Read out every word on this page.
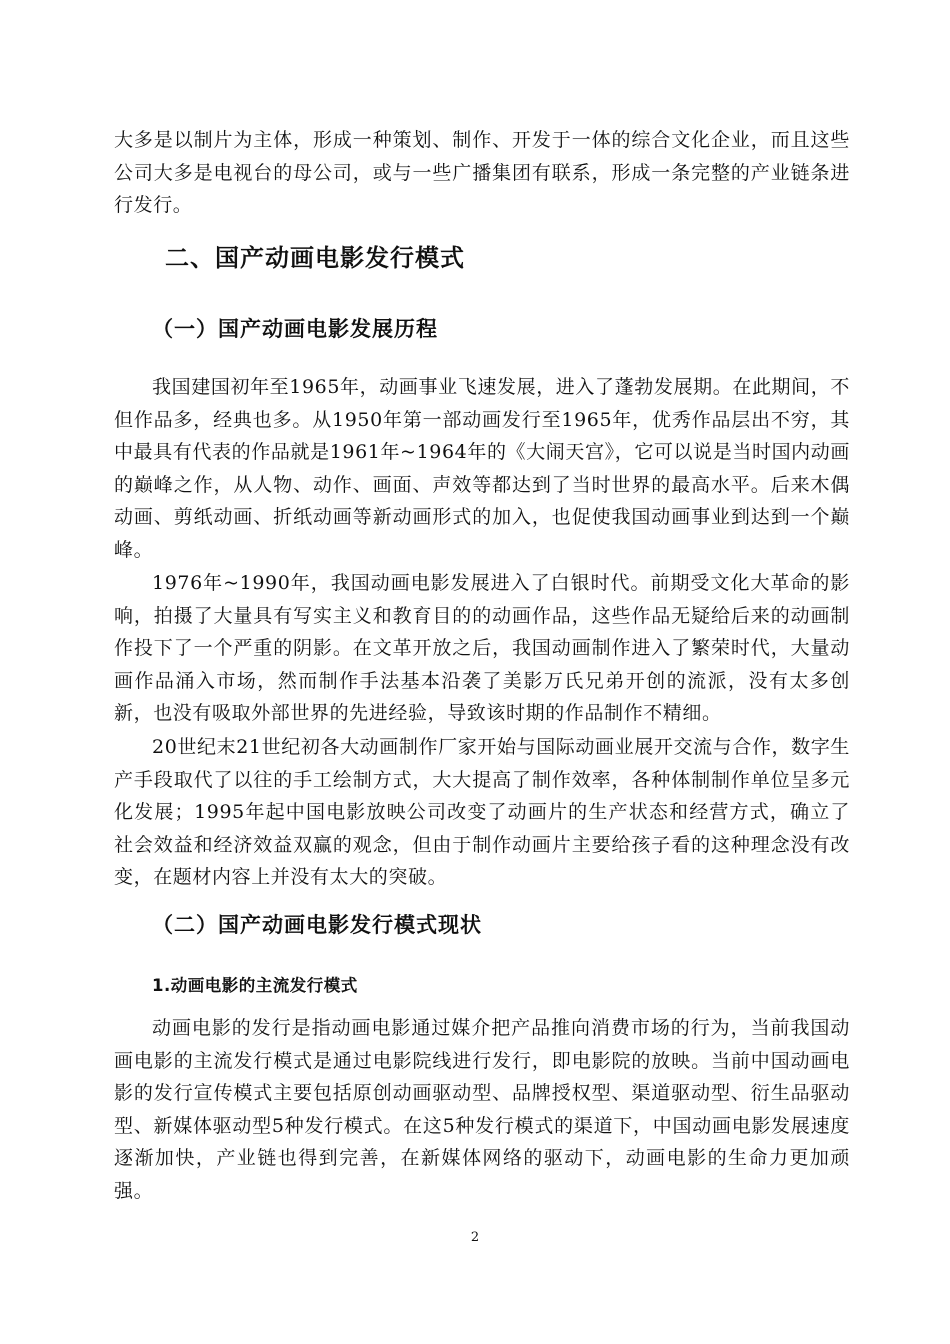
大多是以制片为主体，形成一种策划、制作、开发于一体的综合文化企业，而且这些公司大多是电视台的母公司，或与一些广播集团有联系，形成一条完整的产业链条进行发行。

二、国产动画电影发行模式
（一）国产动画电影发展历程

我国建国初年至1965年，动画事业飞速发展，进入了蓬勃发展期。在此期间，不但作品多，经典也多。从1950年第一部动画发行至1965年，优秀作品层出不穷，其中最具有代表的作品就是1961年~1964年的《大闹天宫》，它可以说是当时国内动画的巅峰之作，从人物、动作、画面、声效等都达到了当时世界的最高水平。后来木偶动画、剪纸动画、折纸动画等新动画形式的加入，也促使我国动画事业到达到一个巅峰。

1976年~1990年，我国动画电影发展进入了白银时代。前期受文化大革命的影响，拍摄了大量具有写实主义和教育目的的动画作品，这些作品无疑给后来的动画制作投下了一个严重的阴影。在文革开放之后，我国动画制作进入了繁荣时代，大量动画作品涌入市场，然而制作手法基本沿袭了美影万氏兄弟开创的流派，没有太多创新，也没有吸取外部世界的先进经验，导致该时期的作品制作不精细。

20世纪末21世纪初各大动画制作厂家开始与国际动画业展开交流与合作，数字生产手段取代了以往的手工绘制方式，大大提高了制作效率，各种体制制作单位呈多元化发展；1995年起中国电影放映公司改变了动画片的生产状态和经营方式，确立了社会效益和经济效益双赢的观念，但由于制作动画片主要给孩子看的这种理念没有改变，在题材内容上并没有太大的突破。

（二）国产动画电影发行模式现状
1.动画电影的主流发行模式

动画电影的发行是指动画电影通过媒介把产品推向消费市场的行为，当前我国动画电影的主流发行模式是通过电影院线进行发行，即电影院的放映。当前中国动画电影的发行宣传模式主要包括原创动画驱动型、品牌授权型、渠道驱动型、衍生品驱动型、新媒体驱动型5种发行模式。在这5种发行模式的渠道下，中国动画电影发展速度逐渐加快，产业链也得到完善，在新媒体网络的驱动下，动画电影的生命力更加顽强。

2
